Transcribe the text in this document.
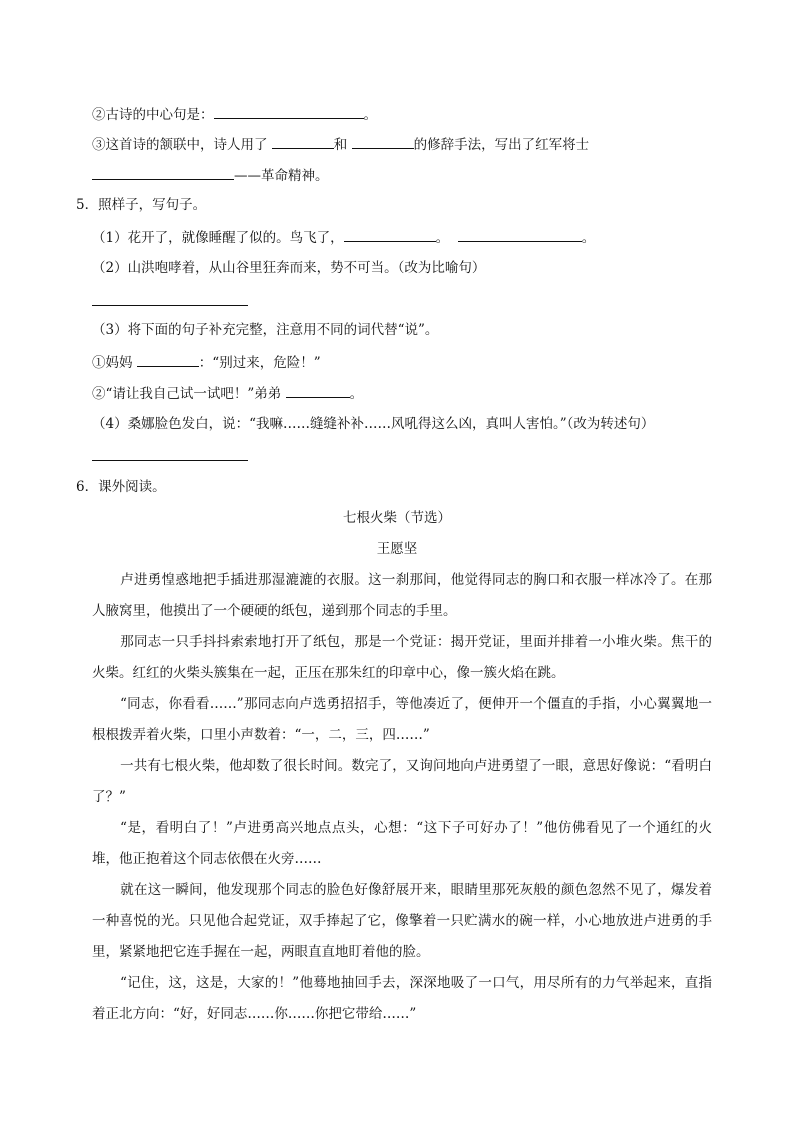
②古诗的中心句是：	。
③这首诗的颔联中，诗人用了	和	的修辞手法，写出了红军将士
——革命精神。
5．照样子，写句子。
（1）花开了，就像睡醒了似的。鸟飞了，	。	。
（2）山洪咆哮着，从山谷里狂奔而来，势不可当。（改为比喻句）
（3）将下面的句子补充完整，注意用不同的词代替“说”。
①妈妈	：“别过来，危险！”
②“请让我自己试一试吧！”弟弟	。
（4）桑娜脸色发白，说：“我嘛……缝缝补补……风吼得这么凶，真叫人害怕。”（改为转述句）
6．课外阅读。
七根火柴（节选）
王愿坚
卢进勇惶惑地把手插进那湿漉漉的衣服。这一刹那间，他觉得同志的胸口和衣服一样冰冷了。在那人腋窝里，他摸出了一个硬硬的纸包，递到那个同志的手里。
那同志一只手抖抖索索地打开了纸包，那是一个党证：揭开党证，里面并排着一小堆火柴。焦干的火柴。红红的火柴头簇集在一起，正压在那朱红的印章中心，像一簇火焰在跳。
“同志，你看看……”那同志向卢选勇招招手，等他凑近了，便伸开一个僵直的手指，小心翼翼地一根根拨弄着火柴，口里小声数着：“一，二，三，四……”
一共有七根火柴，他却数了很长时间。数完了，又询问地向卢进勇望了一眼，意思好像说：“看明白了？”
“是，看明白了！”卢进勇高兴地点点头，心想：“这下子可好办了！”他仿佛看见了一个通红的火堆，他正抱着这个同志依偎在火旁……
就在这一瞬间，他发现那个同志的脸色好像舒展开来，眼睛里那死灰般的颜色忽然不见了，爆发着一种喜悦的光。只见他合起党证，双手捧起了它，像擎着一只贮满水的碗一样，小心地放进卢进勇的手里，紧紧地把它连手握在一起，两眼直直地盯着他的脸。
“记住，这，这是，大家的！”他蓦地抽回手去，深深地吸了一口气，用尽所有的力气举起来，直指着正北方向：“好，好同志……你……你把它带给……”
